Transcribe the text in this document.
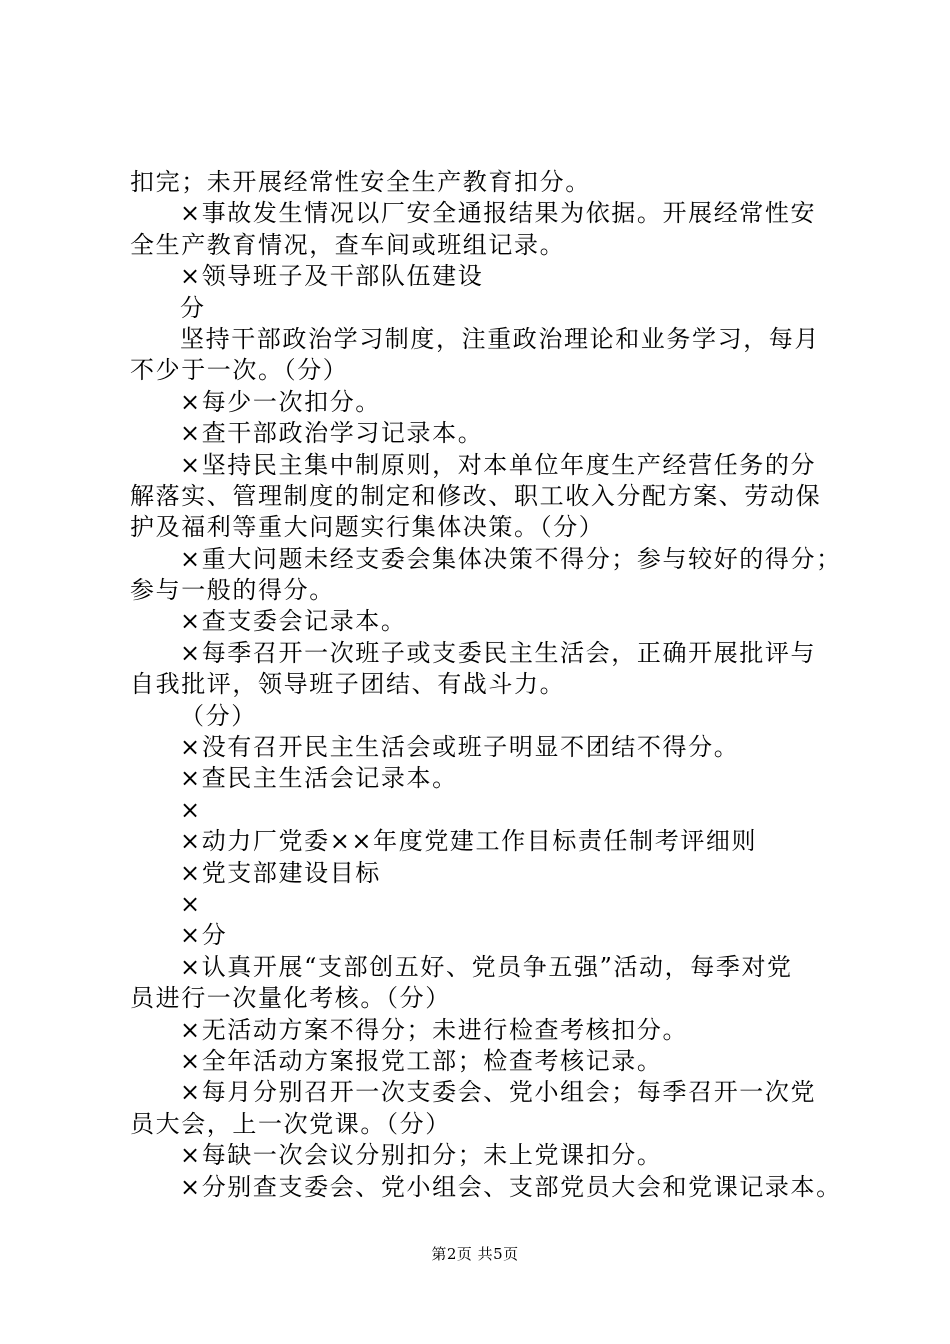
扣完；未开展经常性安全生产教育扣分。
×事故发生情况以厂安全通报结果为依据。开展经常性安
全生产教育情况，查车间或班组记录。
×领导班子及干部队伍建设
分
坚持干部政治学习制度，注重政治理论和业务学习，每月
不少于一次。（分）
×每少一次扣分。
×查干部政治学习记录本。
×坚持民主集中制原则，对本单位年度生产经营任务的分
解落实、管理制度的制定和修改、职工收入分配方案、劳动保
护及福利等重大问题实行集体决策。（分）
×重大问题未经支委会集体决策不得分；参与较好的得分；
参与一般的得分。
×查支委会记录本。
×每季召开一次班子或支委民主生活会，正确开展批评与
自我批评，领导班子团结、有战斗力。
（分）
×没有召开民主生活会或班子明显不团结不得分。
×查民主生活会记录本。
×
×动力厂党委××年度党建工作目标责任制考评细则
×党支部建设目标
×
×分
×认真开展“支部创五好、党员争五强”活动，每季对党
员进行一次量化考核。（分）
×无活动方案不得分；未进行检查考核扣分。
×全年活动方案报党工部；检查考核记录。
×每月分别召开一次支委会、党小组会；每季召开一次党
员大会，上一次党课。（分）
×每缺一次会议分别扣分；未上党课扣分。
×分别查支委会、党小组会、支部党员大会和党课记录本。
第2页 共5页
